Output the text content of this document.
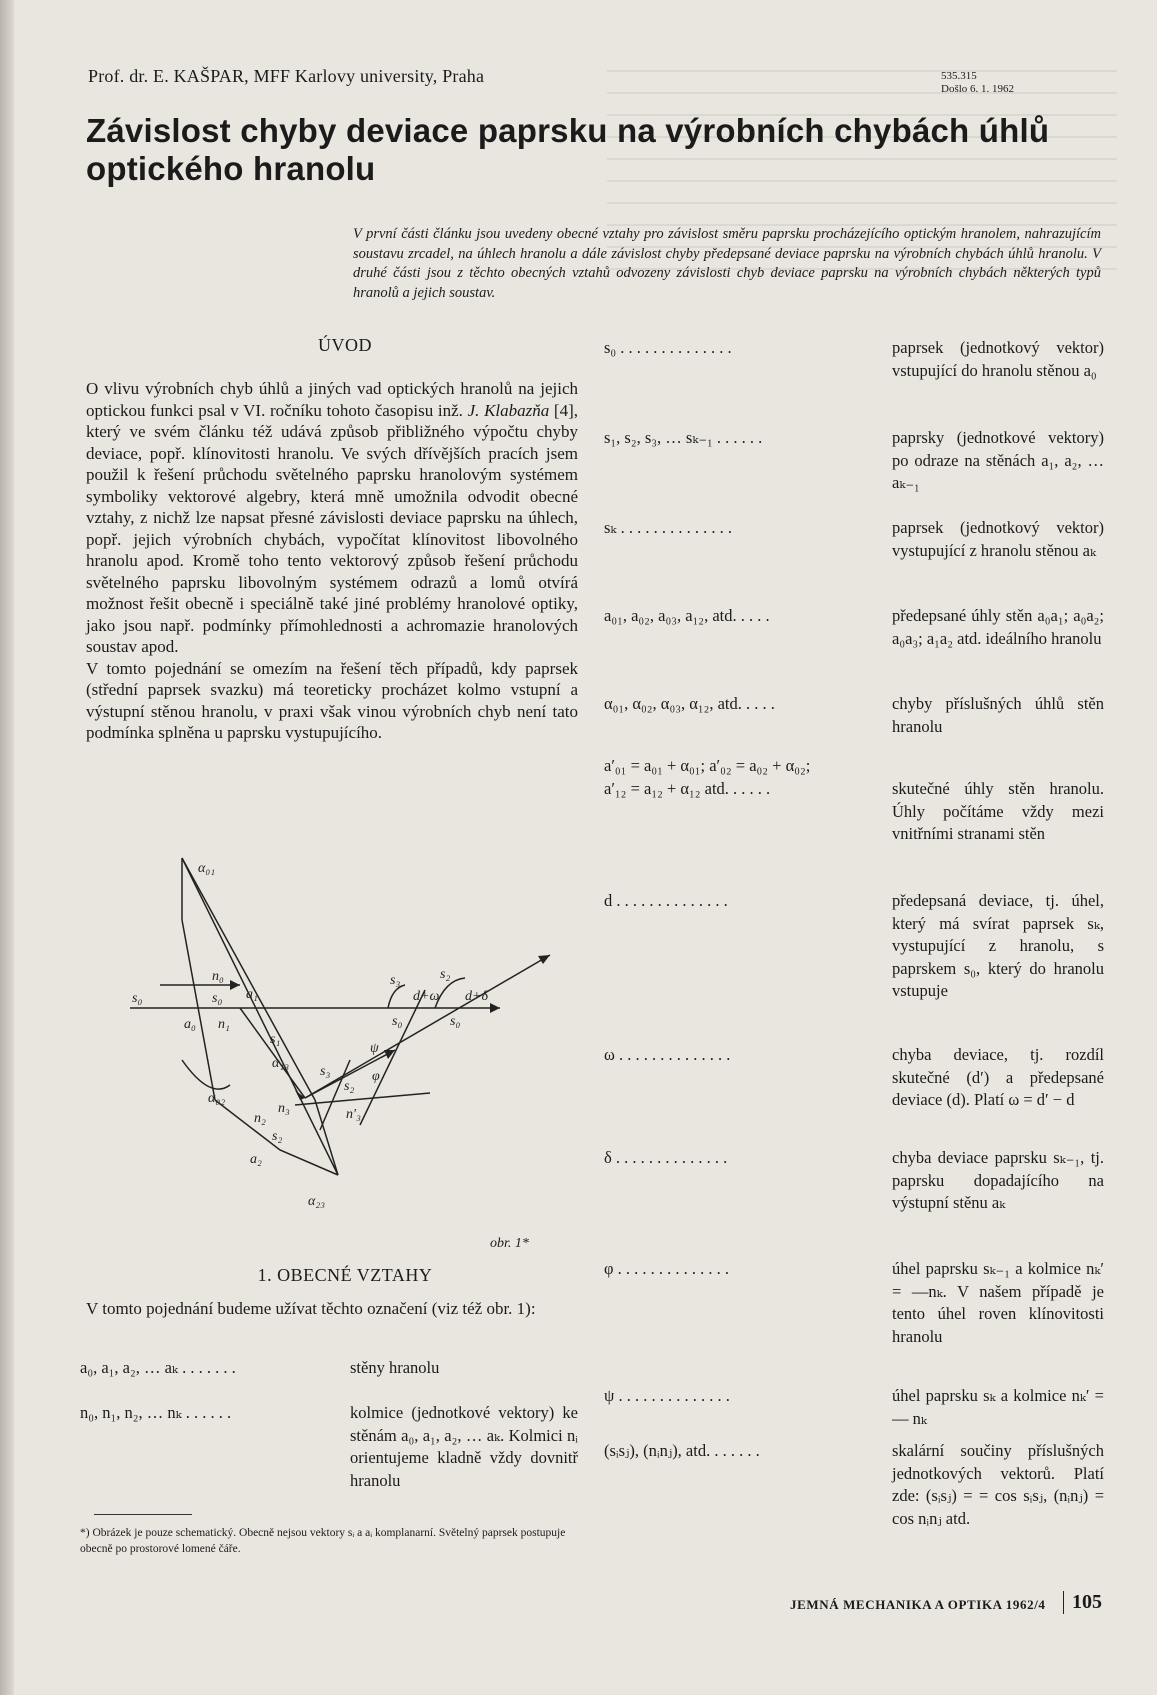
Prof. dr. E. KAŠPAR, MFF Karlovy university, Praha	535.315
Došlo 6. 1. 1962
Závislost chyby deviace paprsku na výrobních chybách úhlů optického hranolu
V první části článku jsou uvedeny obecné vztahy pro závislost směru paprsku procházejícího optickým hranolem, nahrazujícím soustavu zrcadel, na úhlech hranolu a dále závislost chyby předepsané deviace paprsku na výrobních chybách úhlů hranolu. V druhé části jsou z těchto obecných vztahů odvozeny závislosti chyb deviace paprsku na výrobních chybách některých typů hranolů a jejich soustav.
ÚVOD

O vlivu výrobních chyb úhlů a jiných vad optických hranolů na jejich optickou funkci psal v VI. ročníku tohoto časopisu inž. J. Klabazňa [4], který ve svém článku též udává způsob přibližného výpočtu chyby deviace, popř. klínovitosti hranolu. Ve svých dřívějších pracích jsem použil k řešení průchodu světelného paprsku hranolovým systémem symboliky vektorové algebry, která mně umožnila odvodit obecné vztahy, z nichž lze napsat přesné závislosti deviace paprsku na úhlech, popř. jejich výrobních chybách, vypočítat klínovitost libovolného hranolu apod. Kromě toho tento vektorový způsob řešení průchodu světelného paprsku libovolným systémem odrazů a lomů otvírá možnost řešit obecně i speciálně také jiné problémy hranolové optiky, jako jsou např. podmínky přímohlednosti a achromazie hranolových soustav apod.

V tomto pojednání se omezím na řešení těch případů, kdy paprsek (střední paprsek svazku) má teoreticky procházet kolmo vstupní a výstupní stěnou hranolu, v praxi však vinou výrobních chyb není tato podmínka splněna u paprsku vystupujícího.

α₀₁
s₀	s₀
s₀	s₀
n₀
a₁
n₁
a₀
s₁
α₁₃
s₃
s₃
d+ω
s₂
s₂
d+δ
ψ
φ
α₀₂
n₂
n₃	n′₃
s₂
a₂
α₂₃
obr. 1*
1. OBECNÉ VZTAHY
V tomto pojednání budeme užívat těchto označení (viz též obr. 1):
a₀, a₁, a₂, … aₖ . . . . . . .	stěny hranolu
n₀, n₁, n₂, … nₖ . . . . . .	kolmice (jednotkové vektory) ke stěnám a₀, a₁, a₂, … aₖ. Kolmici nᵢ orientujeme kladně vždy dovnitř hranolu
*) Obrázek je pouze schematický. Obecně nejsou vektory sᵢ a aᵢ komplanarní. Světelný paprsek postupuje obecně po prostorové lomené čáře.
s₀ . . . . . . . . . . . . . .	paprsek (jednotkový vektor) vstupující do hranolu stěnou a₀
s₁, s₂, s₃, … sₖ₋₁ . . . . . .	paprsky (jednotkové vektory) po odraze na stěnách a₁, a₂, … aₖ₋₁
sₖ . . . . . . . . . . . . . .	paprsek (jednotkový vektor) vystupující z hranolu stěnou aₖ
a₀₁, a₀₂, a₀₃, a₁₂, atd. . . . .	předepsané úhly stěn a₀a₁; a₀a₂; a₀a₃; a₁a₂ atd. ideálního hranolu
α₀₁, α₀₂, α₀₃, α₁₂, atd. . . . .	chyby příslušných úhlů stěn hranolu
a′₀₁ = a₀₁ + α₀₁; a′₀₂ = a₀₂ + α₀₂;
a′₁₂ = a₁₂ + α₁₂ atd. . . . . .	skutečné úhly stěn hranolu. Úhly počítáme vždy mezi vnitřními stranami stěn
d . . . . . . . . . . . . . .	předepsaná deviace, tj. úhel, který má svírat paprsek sₖ, vystupující z hranolu, s paprskem s₀, který do hranolu vstupuje
ω . . . . . . . . . . . . . .	chyba deviace, tj. rozdíl skutečné (d′) a předepsané deviace (d). Platí ω = d′ − d
δ . . . . . . . . . . . . . .	chyba deviace paprsku sₖ₋₁, tj. paprsku dopadajícího na výstupní stěnu aₖ
φ . . . . . . . . . . . . . .	úhel paprsku sₖ₋₁ a kolmice nₖ′ = —nₖ. V našem případě je tento úhel roven klínovitosti hranolu
ψ . . . . . . . . . . . . . .	úhel paprsku sₖ a kolmice nₖ′ = — nₖ
(sᵢsⱼ), (nᵢnⱼ), atd. . . . . . .	skalární součiny příslušných jednotkových vektorů. Platí zde: (sᵢsⱼ) = = cos sᵢsⱼ, (nᵢnⱼ) = cos nᵢnⱼ atd.
JEMNÁ MECHANIKA A OPTIKA 1962/4	105
